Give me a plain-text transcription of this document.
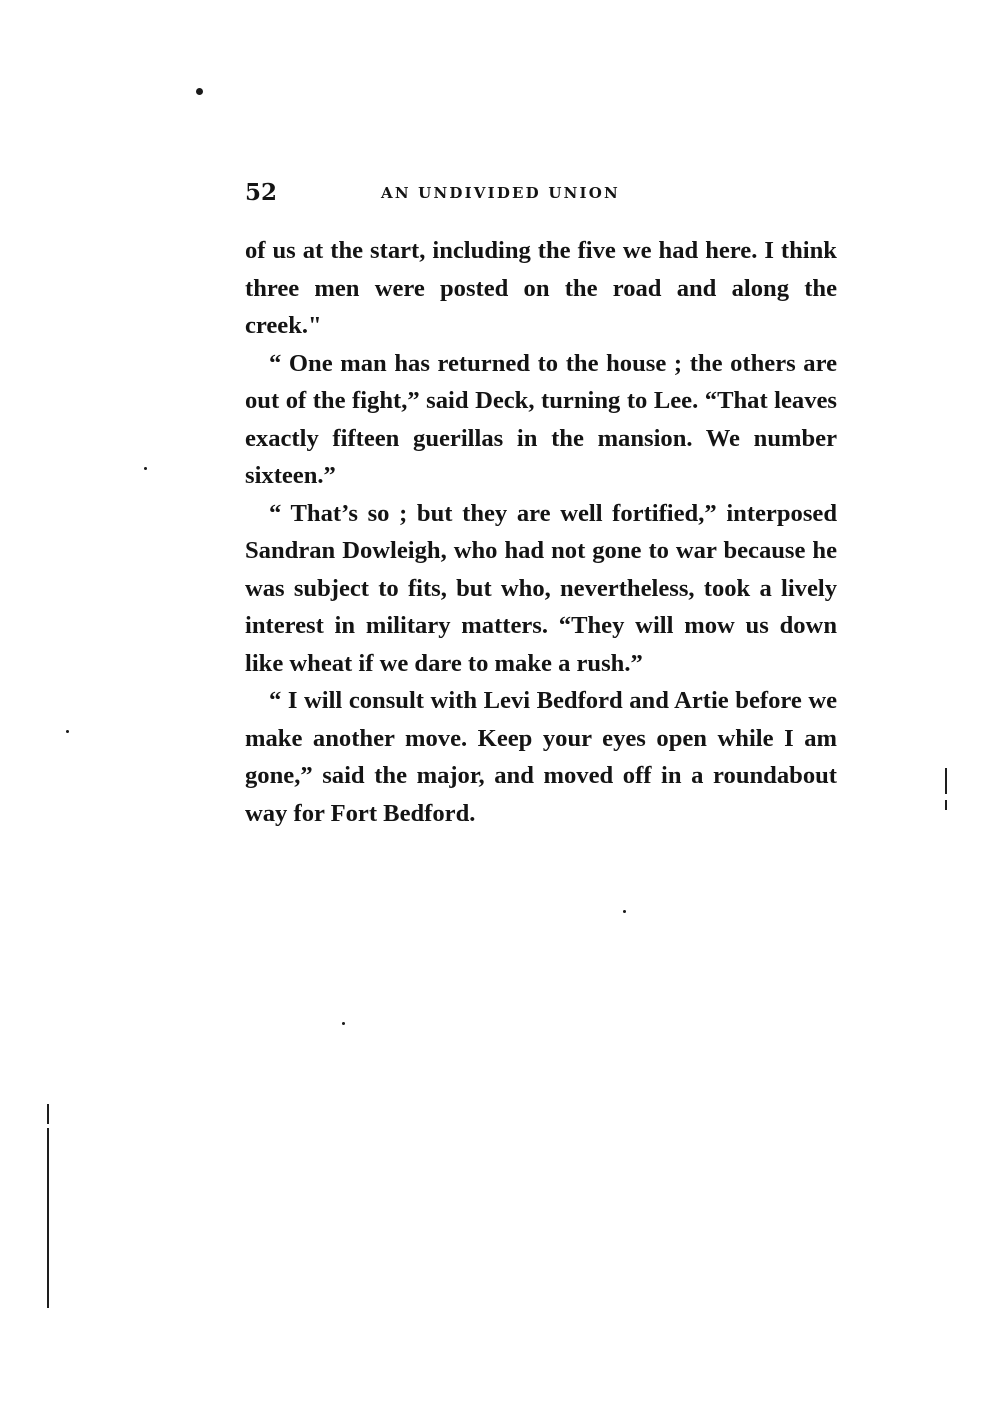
52	AN UNDIVIDED UNION

of us at the start, including the five we had here. I think three men were posted on the road and along the creek."

“ One man has returned to the house ; the others are out of the fight,” said Deck, turning to Lee. “That leaves exactly fifteen guerillas in the mansion. We number sixteen.”

“ That’s so ; but they are well fortified,” interposed Sandran Dowleigh, who had not gone to war because he was subject to fits, but who, nevertheless, took a lively interest in military matters. “They will mow us down like wheat if we dare to make a rush.”

“ I will consult with Levi Bedford and Artie before we make another move. Keep your eyes open while I am gone,” said the major, and moved off in a roundabout way for Fort Bedford.
